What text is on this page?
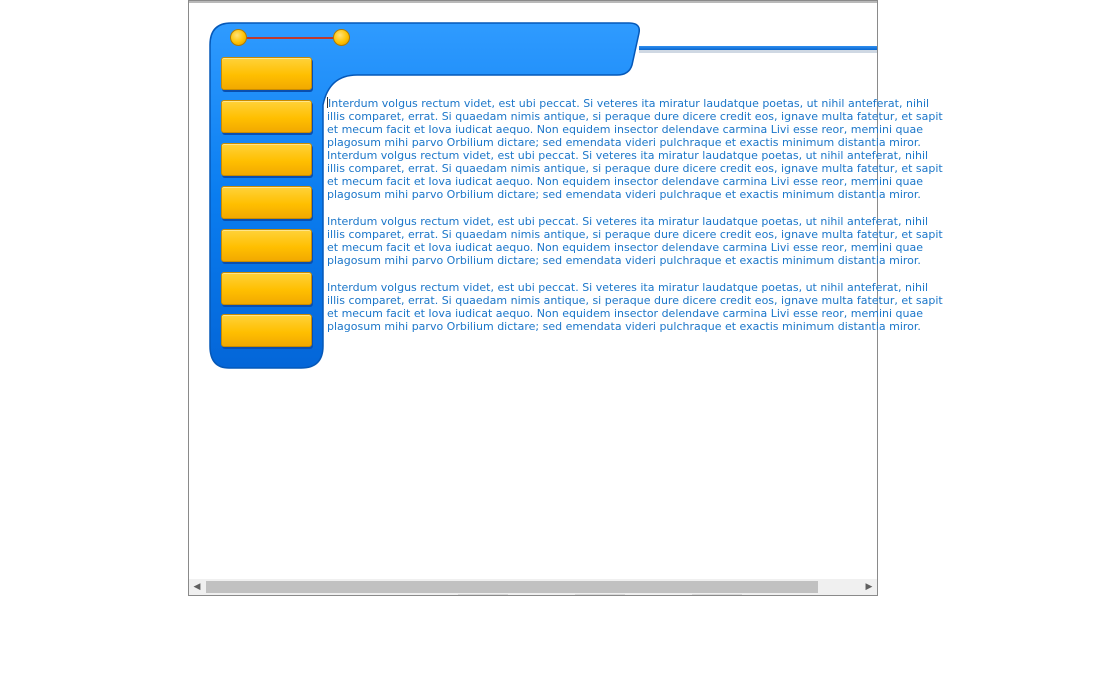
Interdum volgus rectum videt, est ubi peccat. Si veteres ita miratur laudatque poetas, ut nihil anteferat, nihil illis comparet, errat. Si quaedam nimis antique, si peraque dure dicere credit eos, ignave multa fatetur, et sapit et mecum facit et Iova iudicat aequo. Non equidem insector delendave carmina Livi esse reor, memini quae plagosum mihi parvo Orbilium dictare; sed emendata videri pulchraque et exactis minimum distantia miror.

Interdum volgus rectum videt, est ubi peccat. Si veteres ita miratur laudatque poetas, ut nihil anteferat, nihil illis comparet, errat. Si quaedam nimis antique, si peraque dure dicere credit eos, ignave multa fatetur, et sapit et mecum facit et Iova iudicat aequo. Non equidem insector delendave carmina Livi esse reor, memini quae plagosum mihi parvo Orbilium dictare; sed emendata videri pulchraque et exactis minimum distantia miror.

Interdum volgus rectum videt, est ubi peccat. Si veteres ita miratur laudatque poetas, ut nihil anteferat, nihil illis comparet, errat. Si quaedam nimis antique, si peraque dure dicere credit eos, ignave multa fatetur, et sapit et mecum facit et Iova iudicat aequo. Non equidem insector delendave carmina Livi esse reor, memini quae plagosum mihi parvo Orbilium dictare; sed emendata videri pulchraque et exactis minimum distantia miror.

Interdum volgus rectum videt, est ubi peccat. Si veteres ita miratur laudatque poetas, ut nihil anteferat, nihil illis comparet, errat. Si quaedam nimis antique, si peraque dure dicere credit eos, ignave multa fatetur, et sapit et mecum facit et Iova iudicat aequo. Non equidem insector delendave carmina Livi esse reor, memini quae plagosum mihi parvo Orbilium dictare; sed emendata videri pulchraque et exactis minimum distantia miror.

◀	▶
